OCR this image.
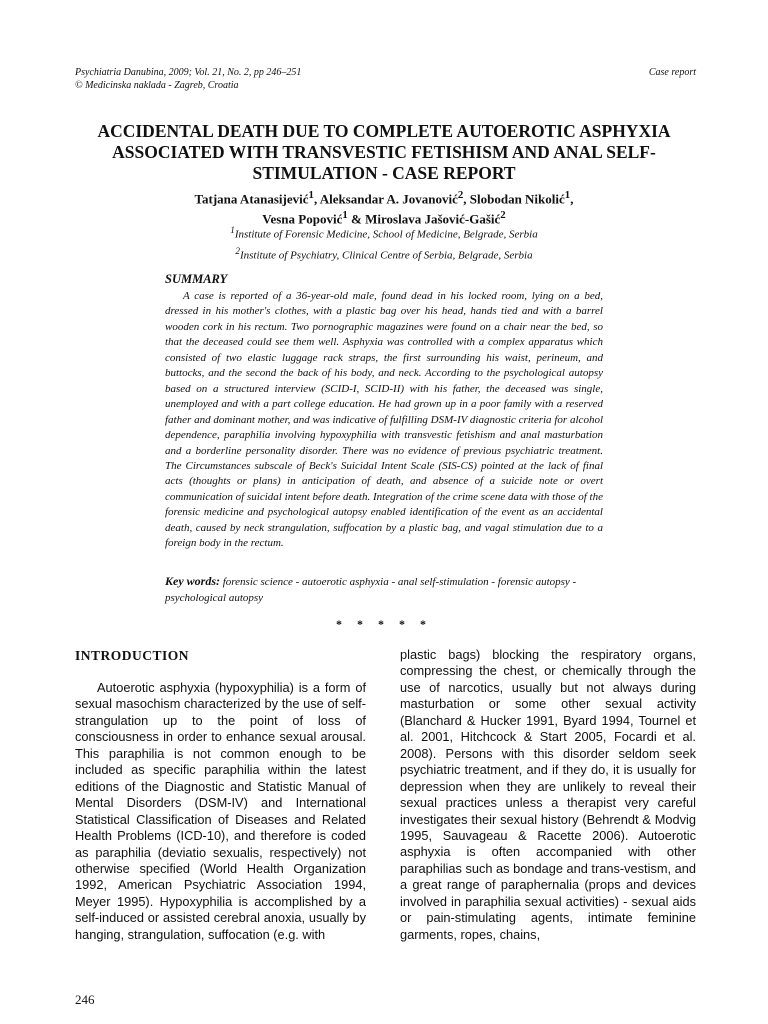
Psychiatria Danubina, 2009; Vol. 21, No. 2, pp 246–251
© Medicinska naklada - Zagreb, Croatia
Case report
ACCIDENTAL DEATH DUE TO COMPLETE AUTOEROTIC ASPHYXIA ASSOCIATED WITH TRANSVESTIC FETISHISM AND ANAL SELF-STIMULATION - CASE REPORT
Tatjana Atanasijević$^1$, Aleksandar A. Jovanović$^2$, Slobodan Nikolić$^1$,
Vesna Popović$^1$ & Miroslava Jašović-Gašić$^2$
$^1$Institute of Forensic Medicine, School of Medicine, Belgrade, Serbia
$^2$Institute of Psychiatry, Clinical Centre of Serbia, Belgrade, Serbia
SUMMARY

A case is reported of a 36-year-old male, found dead in his locked room, lying on a bed, dressed in his mother's clothes, with a plastic bag over his head, hands tied and with a barrel wooden cork in his rectum. Two pornographic magazines were found on a chair near the bed, so that the deceased could see them well. Asphyxia was controlled with a complex apparatus which consisted of two elastic luggage rack straps, the first surrounding his waist, perineum, and buttocks, and the second the back of his body, and neck. According to the psychological autopsy based on a structured interview (SCID-I, SCID-II) with his father, the deceased was single, unemployed and with a part college education. He had grown up in a poor family with a reserved father and dominant mother, and was indicative of fulfilling DSM-IV diagnostic criteria for alcohol dependence, paraphilia involving hypoxyphilia with transvestic fetishism and anal masturbation and a borderline personality disorder. There was no evidence of previous psychiatric treatment. The Circumstances subscale of Beck's Suicidal Intent Scale (SIS-CS) pointed at the lack of final acts (thoughts or plans) in anticipation of death, and absence of a suicide note or overt communication of suicidal intent before death. Integration of the crime scene data with those of the forensic medicine and psychological autopsy enabled identification of the event as an accidental death, caused by neck strangulation, suffocation by a plastic bag, and vagal stimulation due to a foreign body in the rectum.

Key words: forensic science - autoerotic asphyxia - anal self-stimulation - forensic autopsy - psychological autopsy

* * * * *
INTRODUCTION

Autoerotic asphyxia (hypoxyphilia) is a form of sexual masochism characterized by the use of self-strangulation up to the point of loss of consciousness in order to enhance sexual arousal. This paraphilia is not common enough to be included as specific paraphilia within the latest editions of the Diagnostic and Statistic Manual of Mental Disorders (DSM-IV) and International Statistical Classification of Diseases and Related Health Problems (ICD-10), and therefore is coded as paraphilia (deviatio sexualis, respectively) not otherwise specified (World Health Organization 1992, American Psychiatric Association 1994, Meyer 1995). Hypoxyphilia is accomplished by a self-induced or assisted cerebral anoxia, usually by hanging, strangulation, suffocation (e.g. with

plastic bags) blocking the respiratory organs, compressing the chest, or chemically through the use of narcotics, usually but not always during masturbation or some other sexual activity (Blanchard & Hucker 1991, Byard 1994, Tournel et al. 2001, Hitchcock & Start 2005, Focardi et al. 2008). Persons with this disorder seldom seek psychiatric treatment, and if they do, it is usually for depression when they are unlikely to reveal their sexual practices unless a therapist very careful investigates their sexual history (Behrendt & Modvig 1995, Sauvageau & Racette 2006). Autoerotic asphyxia is often accompanied with other paraphilias such as bondage and trans-vestism, and a great range of paraphernalia (props and devices involved in paraphilia sexual activities) - sexual aids or pain-stimulating agents, intimate feminine garments, ropes, chains,

246
